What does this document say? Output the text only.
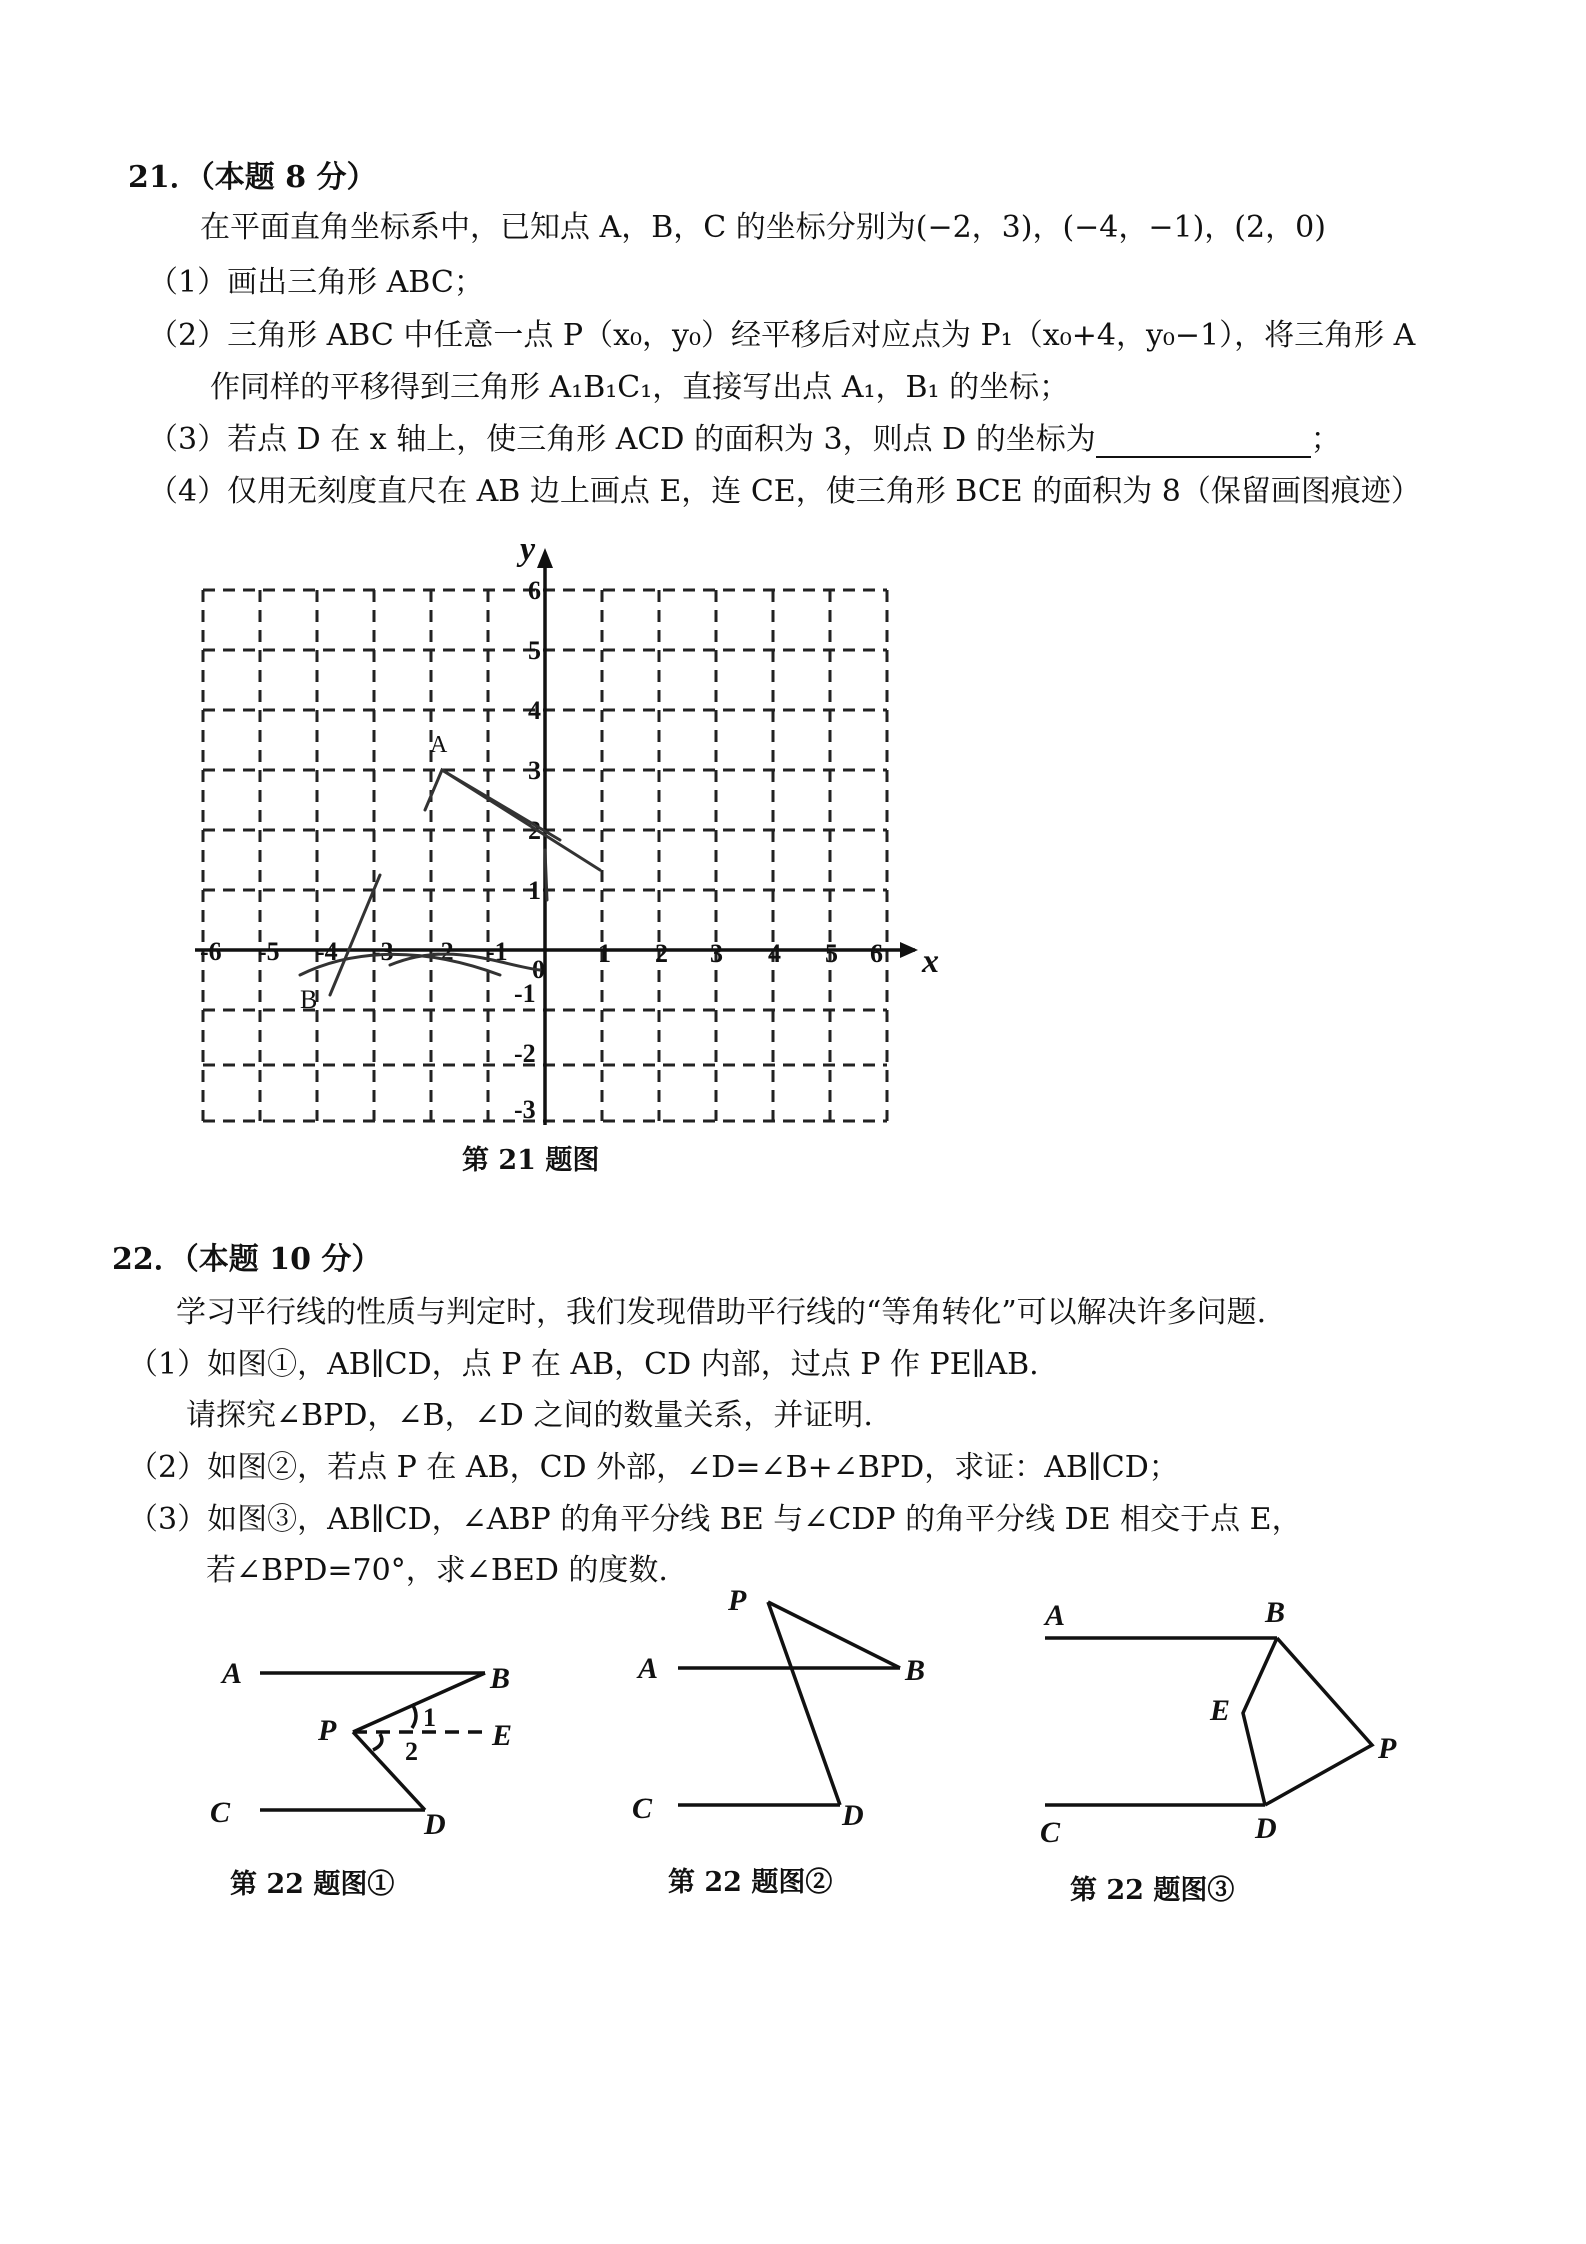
21．（本题 8 分）
在平面直角坐标系中，已知点 A，B，C 的坐标分别为(−2，3)，(−4，−1)，(2，0)
（1）画出三角形 ABC；
（2）三角形 ABC 中任意一点 P（x₀，y₀）经平移后对应点为 P₁（x₀+4，y₀−1），将三角形 A
作同样的平移得到三角形 A₁B₁C₁，直接写出点 A₁，B₁ 的坐标；
（3）若点 D 在 x 轴上，使三角形 ACD 的面积为 3，则点 D 的坐标为	；
（4）仅用无刻度直尺在 AB 边上画点 E，连 CE，使三角形 BCE 的面积为 8（保留画图痕迹）
x
y
0
-6 -5 -4 -3 -2 -1	1 2 3 4 5 6
6
5
4
3
2
1
-1
-2
-3
A
B
第 21 题图
22．（本题 10 分）
学习平行线的性质与判定时，我们发现借助平行线的“等角转化”可以解决许多问题.
（1）如图①，AB∥CD，点 P 在 AB，CD 内部，过点 P 作 PE∥AB.
请探究∠BPD，∠B，∠D 之间的数量关系，并证明.
（2）如图②，若点 P 在 AB，CD 外部，∠D=∠B+∠BPD，求证：AB∥CD；
（3）如图③，AB∥CD，∠ABP 的角平分线 BE 与∠CDP 的角平分线 DE 相交于点 E，
若∠BPD=70°，求∠BED 的度数.
A	B
P	E
C	D
1
2
P
A	B
C	D
A	B
E
P
D
C
第 22 题图①	第 22 题图②	第 22 题图③
